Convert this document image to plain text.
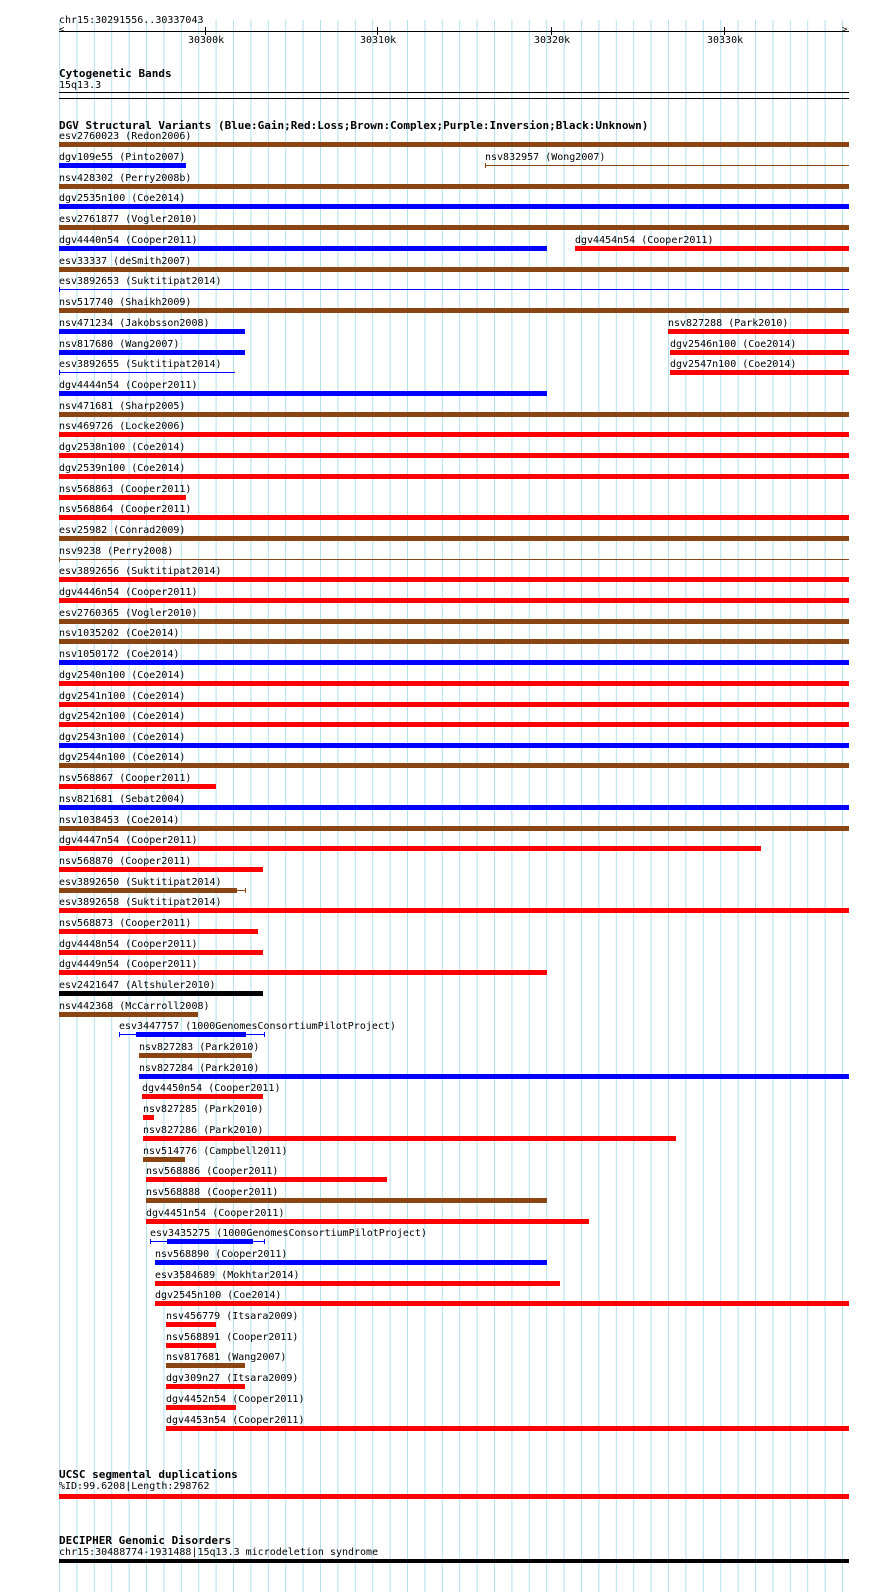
chr15:30291556..30337043
<	>
30300k	30310k	30320k	30330k
Cytogenetic Bands
15q13.3
DGV Structural Variants (Blue:Gain;Red:Loss;Brown:Complex;Purple:Inversion;Black:Unknown)
esv2760023 (Redon2006)
dgv109e55 (Pinto2007)	nsv832957 (Wong2007)
nsv428302 (Perry2008b)
dgv2535n100 (Coe2014)
esv2761877 (Vogler2010)
dgv4440n54 (Cooper2011)	dgv4454n54 (Cooper2011)
esv33337 (deSmith2007)
esv3892653 (Suktitipat2014)
nsv517740 (Shaikh2009)
nsv471234 (Jakobsson2008)	nsv827288 (Park2010)
nsv817680 (Wang2007)	dgv2546n100 (Coe2014)
esv3892655 (Suktitipat2014)	dgv2547n100 (Coe2014)
dgv4444n54 (Cooper2011)
nsv471681 (Sharp2005)
nsv469726 (Locke2006)
dgv2538n100 (Coe2014)
dgv2539n100 (Coe2014)
nsv568863 (Cooper2011)
nsv568864 (Cooper2011)
esv25982 (Conrad2009)
nsv9238 (Perry2008)
esv3892656 (Suktitipat2014)
dgv4446n54 (Cooper2011)
esv2760365 (Vogler2010)
nsv1035202 (Coe2014)
nsv1050172 (Coe2014)
dgv2540n100 (Coe2014)
dgv2541n100 (Coe2014)
dgv2542n100 (Coe2014)
dgv2543n100 (Coe2014)
dgv2544n100 (Coe2014)
nsv568867 (Cooper2011)
nsv821681 (Sebat2004)
nsv1038453 (Coe2014)
dgv4447n54 (Cooper2011)
nsv568870 (Cooper2011)
esv3892650 (Suktitipat2014)
esv3892658 (Suktitipat2014)
nsv568873 (Cooper2011)
dgv4448n54 (Cooper2011)
dgv4449n54 (Cooper2011)
esv2421647 (Altshuler2010)
nsv442368 (McCarroll2008)
esv3447757 (1000GenomesConsortiumPilotProject)
nsv827283 (Park2010)
nsv827284 (Park2010)
dgv4450n54 (Cooper2011)
nsv827285 (Park2010)
nsv827286 (Park2010)
nsv514776 (Campbell2011)
nsv568886 (Cooper2011)
nsv568888 (Cooper2011)
dgv4451n54 (Cooper2011)
esv3435275 (1000GenomesConsortiumPilotProject)
nsv568890 (Cooper2011)
esv3584689 (Mokhtar2014)
dgv2545n100 (Coe2014)
nsv456779 (Itsara2009)
nsv568891 (Cooper2011)
nsv817681 (Wang2007)
dgv309n27 (Itsara2009)
dgv4452n54 (Cooper2011)
dgv4453n54 (Cooper2011)
UCSC segmental duplications
%ID:99.6208|Length:298762
DECIPHER Genomic Disorders
chr15:30488774-1931488|15q13.3 microdeletion syndrome
